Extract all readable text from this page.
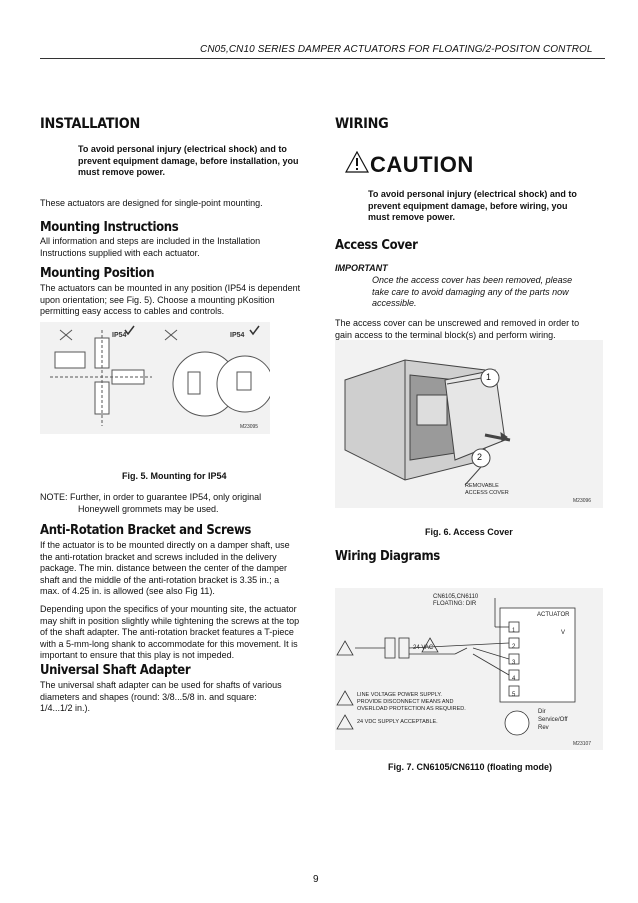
CN05,CN10 SERIES DAMPER ACTUATORS FOR FLOATING/2-POSITON CONTROL
INSTALLATION
To avoid personal injury (electrical shock) and to
prevent equipment damage, before installation, you
must remove power.
These actuators are designed for single-point mounting.
Mounting Instructions
All information and steps are included in the Installation
Instructions supplied with each actuator.
Mounting Position
The actuators can be mounted in any position (IP54 is dependent
upon orientation; see Fig. 5). Choose a mounting pKosition
permitting easy access to cables and controls.
IP54	IP54
M23095
Fig. 5. Mounting for IP54
NOTE: Further, in order to guarantee IP54, only original
Honeywell grommets may be used.
Anti-Rotation Bracket and Screws
If the actuator is to be mounted directly on a damper shaft, use
the anti-rotation bracket and screws included in the delivery
package. The min. distance between the center of the damper
shaft and the middle of the anti-rotation bracket is 3.35 in.; a
max. of 4.25 in. is allowed (see also Fig 11).
Depending upon the specifics of your mounting site, the actuator
may shift in position slightly while tightening the screws at the top
of the shaft adapter. The anti-rotation bracket features a T-piece
with a 5-mm-long shank to accommodate for this movement. It is
important to ensure that this play is not impeded.
Universal Shaft Adapter
The universal shaft adapter can be used for shafts of various
diameters and shapes (round: 3/8...5/8 in. and square:
1/4...1/2 in.).
WIRING
CAUTION
To avoid personal injury (electrical shock) and to
prevent equipment damage, before wiring, you
must remove power.
Access Cover
IMPORTANT
Once the access cover has been removed, please
take care to avoid damaging any of the parts now
accessible.
The access cover can be unscrewed and removed in order to
gain access to the terminal block(s) and perform wiring.
1
2
REMOVABLE
ACCESS COVER
M23096
Fig. 6. Access Cover
Wiring Diagrams
CN6105,CN6110
FLOATING: DIR
ACTUATOR
V
24 VAC
1
2
3
4
5
Dir
Service/Off
Rev
LINE VOLTAGE POWER SUPPLY.
PROVIDE DISCONNECT MEANS AND
OVERLOAD PROTECTION AS REQUIRED.
24 VDC SUPPLY ACCEPTABLE.
M23107
Fig. 7. CN6105/CN6110 (floating mode)
9
